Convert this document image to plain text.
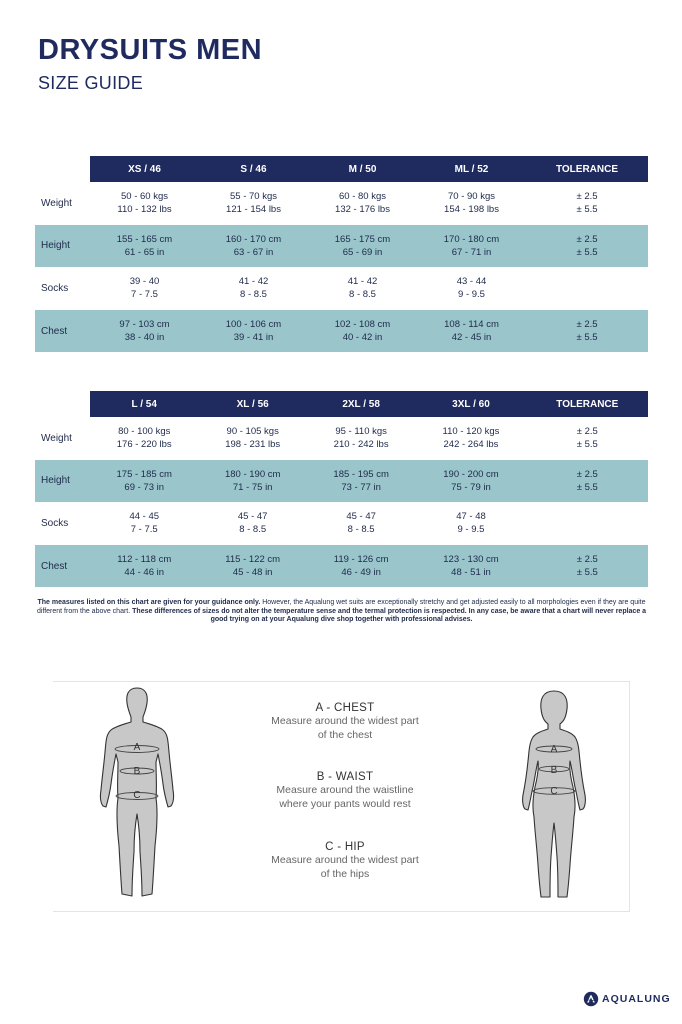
DRYSUITS MEN
SIZE GUIDE
	XS / 46	S / 46	M / 50	ML / 52	TOLERANCE
Weight	50 - 60 kgs	55 - 70 kgs	60 - 80 kgs	70 - 90 kgs	± 2.5
	110 - 132 lbs	121 - 154 lbs	132 - 176 lbs	154 - 198 lbs	± 5.5
Height	155 - 165 cm	160 - 170 cm	165 - 175 cm	170 - 180 cm	± 2.5
	61 - 65 in	63 - 67 in	65 - 69 in	67 - 71 in	± 5.5
Socks	39 - 40	41 - 42	41 - 42	43 - 44	
	7 - 7.5	8 - 8.5	8 - 8.5	9 - 9.5	
Chest	97 - 103 cm	100 - 106 cm	102 - 108 cm	108 - 114 cm	± 2.5
	38 - 40 in	39 - 41 in	40 - 42 in	42 - 45 in	± 5.5
	L / 54	XL / 56	2XL / 58	3XL / 60	TOLERANCE
Weight	80 - 100 kgs	90 - 105 kgs	95 - 110 kgs	110 - 120 kgs	± 2.5
	176 - 220 lbs	198 - 231 lbs	210 - 242 lbs	242 - 264 lbs	± 5.5
Height	175 - 185 cm	180 - 190 cm	185 - 195 cm	190 - 200 cm	± 2.5
	69 - 73 in	71 - 75 in	73 - 77 in	75 - 79 in	± 5.5
Socks	44 - 45	45 - 47	45 - 47	47 - 48	
	7 - 7.5	8 - 8.5	8 - 8.5	9 - 9.5	
Chest	112 - 118 cm	115 - 122 cm	119 - 126 cm	123 - 130 cm	± 2.5
	44 - 46 in	45 - 48 in	46 - 49 in	48 - 51 in	± 5.5
The measures listed on this chart are given for your guidance only. However, the Aqualung wet suits are exceptionally stretchy and get adjusted easily to all morphologies even if they are quite different from the above chart. These differences of sizes do not alter the temperature sense and the termal protection is respected. In any case, be aware that a chart will never replace a good trying on at your Aqualung dive shop together with professional advises.
A
B
C
A
B
C
A - CHEST
Measure around the widest part
of the chest
B - WAIST
Measure around the waistline
where your pants would rest
C - HIP
Measure around the widest part
of the hips
AQUALUNG
